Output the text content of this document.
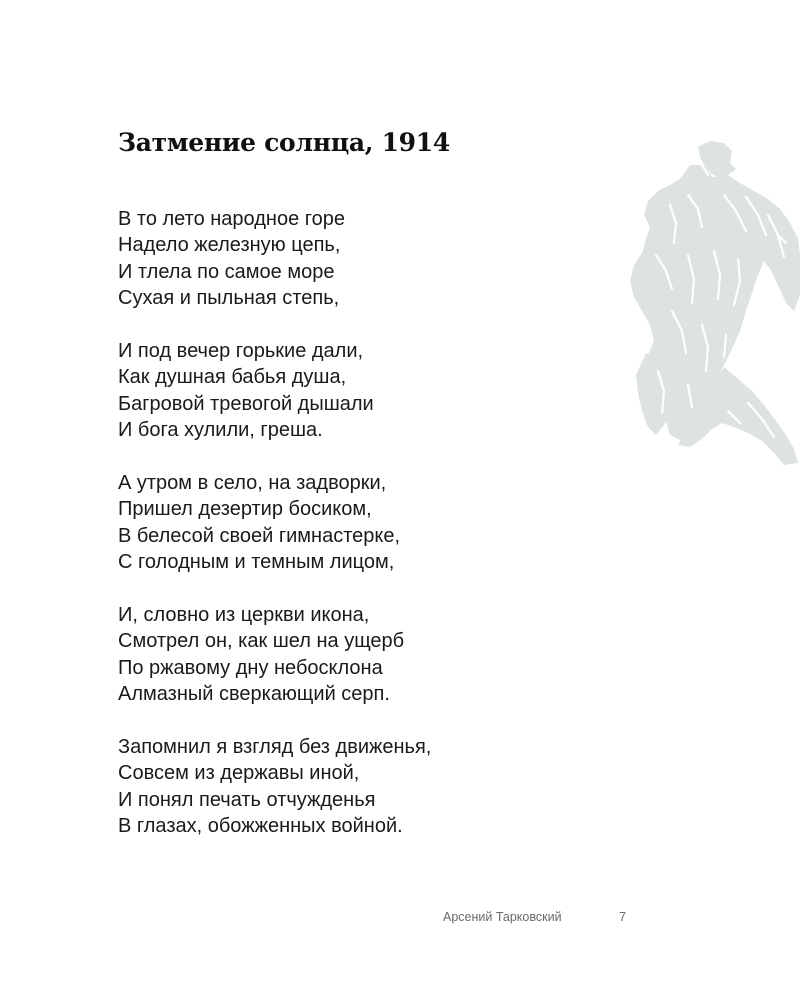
Затмение солнца, 1914
В то лето народное горе
Надело железную цепь,
И тлела по самое море
Сухая и пыльная степь,
И под вечер горькие дали,
Как душная бабья душа,
Багровой тревогой дышали
И бога хулили, греша.
А утром в село, на задворки,
Пришел дезертир босиком,
В белесой своей гимнастерке,
С голодным и темным лицом,
И, словно из церкви икона,
Смотрел он, как шел на ущерб
По ржавому дну небосклона
Алмазный сверкающий серп.
Запомнил я взгляд без движенья,
Совсем из державы иной,
И понял печать отчужденья
В глазах, обожженных войной.
Арсений Тарковский	7
